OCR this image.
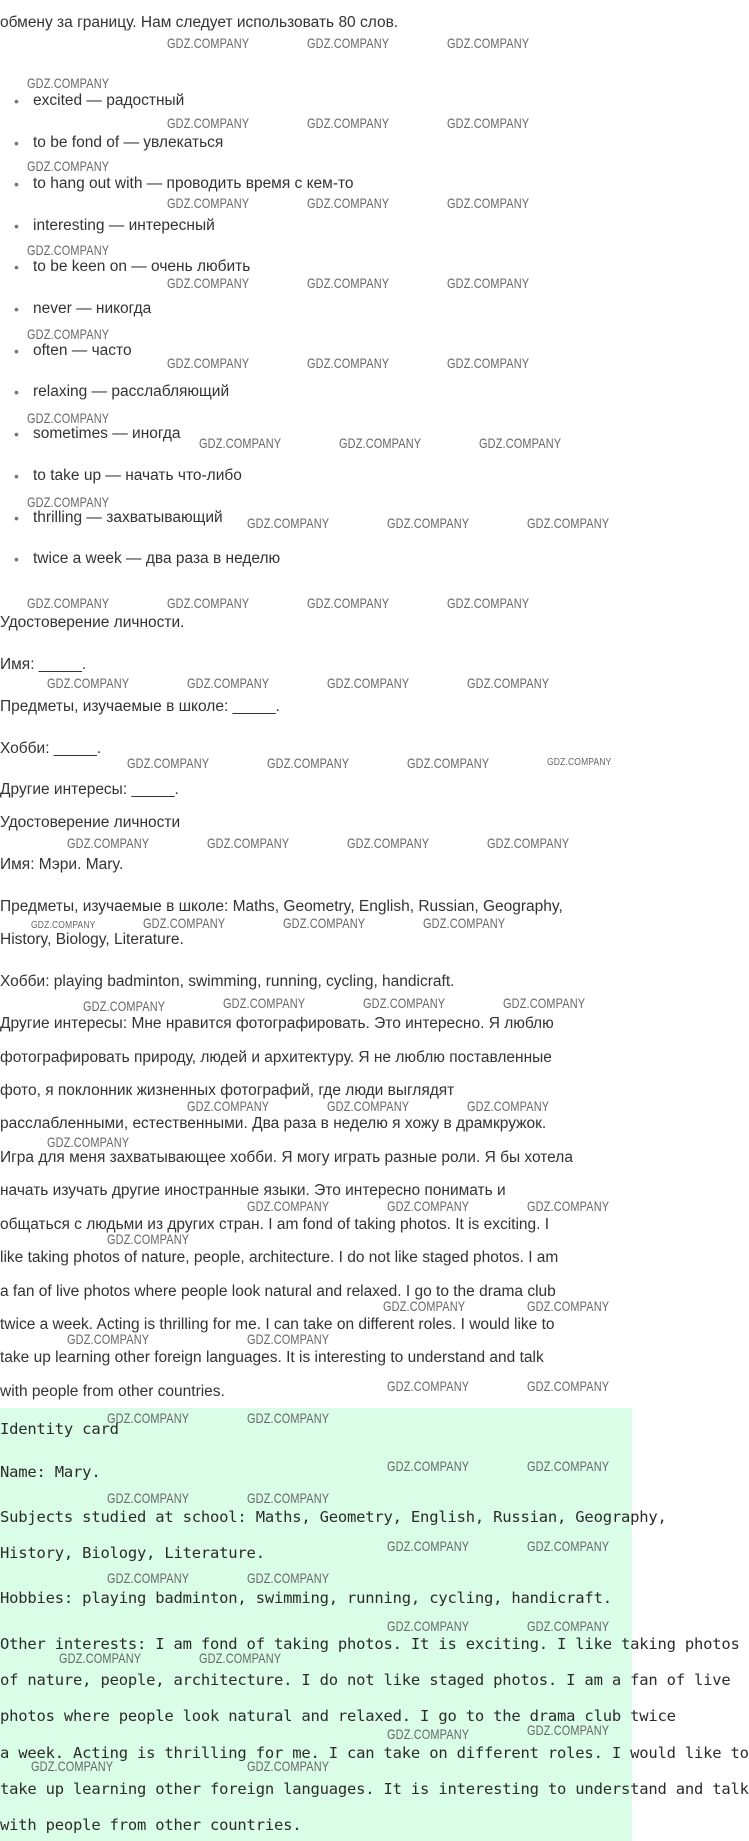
обмену за границу. Нам следует использовать 80 слов.
• excited — радостный
• to be fond of — увлекаться
• to hang out with — проводить время с кем-то
• interesting — интересный
• to be keen on — очень любить
• never — никогда
• often — часто
• relaxing — расслабляющий
• sometimes — иногда
• to take up — начать что-либо
• thrilling — захватывающий
• twice a week — два раза в неделю
Удостоверение личности.
Имя: _____.
Предметы, изучаемые в школе: _____.
Хобби: _____.
Другие интересы: _____.
Удостоверение личности
Имя: Мэри. Mary.
Предметы, изучаемые в школе: Maths, Geometry, English, Russian, Geography,
History, Biology, Literature.
Хобби: playing badminton, swimming, running, cycling, handicraft.
Другие интересы: Мне нравится фотографировать. Это интересно. Я люблю
фотографировать природу, людей и архитектуру. Я не люблю поставленные
фото, я поклонник жизненных фотографий, где люди выглядят
расслабленными, естественными. Два раза в неделю я хожу в драмкружок.
Игра для меня захватывающее хобби. Я могу играть разные роли. Я бы хотела
начать изучать другие иностранные языки. Это интересно понимать и
общаться с людьми из других стран. I am fond of taking photos. It is exciting. I
like taking photos of nature, people, architecture. I do not like staged photos. I am
a fan of live photos where people look natural and relaxed. I go to the drama club
twice a week. Acting is thrilling for me. I can take on different roles. I would like to
take up learning other foreign languages. It is interesting to understand and talk
with people from other countries.
Identity card
Name: Mary.
Subjects studied at school: Maths, Geometry, English, Russian, Geography,
History, Biology, Literature.
Hobbies: playing badminton, swimming, running, cycling, handicraft.
Other interests: I am fond of taking photos. It is exciting. I like taking photos
of nature, people, architecture. I do not like staged photos. I am a fan of live
photos where people look natural and relaxed. I go to the drama club twice
a week. Acting is thrilling for me. I can take on different roles. I would like to
take up learning other foreign languages. It is interesting to understand and talk
with people from other countries.
GDZ.COMPANY	GDZ.COMPANY	GDZ.COMPANY
GDZ.COMPANY
GDZ.COMPANY	GDZ.COMPANY	GDZ.COMPANY
GDZ.COMPANY
GDZ.COMPANY	GDZ.COMPANY	GDZ.COMPANY
GDZ.COMPANY
GDZ.COMPANY	GDZ.COMPANY	GDZ.COMPANY
GDZ.COMPANY
GDZ.COMPANY	GDZ.COMPANY	GDZ.COMPANY
GDZ.COMPANY
GDZ.COMPANY	GDZ.COMPANY	GDZ.COMPANY
GDZ.COMPANY
GDZ.COMPANY	GDZ.COMPANY	GDZ.COMPANY
GDZ.COMPANY	GDZ.COMPANY	GDZ.COMPANY	GDZ.COMPANY
GDZ.COMPANY	GDZ.COMPANY	GDZ.COMPANY	GDZ.COMPANY
GDZ.COMPANY	GDZ.COMPANY	GDZ.COMPANY	GDZ.COMPANY
GDZ.COMPANY	GDZ.COMPANY	GDZ.COMPANY	GDZ.COMPANY
GDZ.COMPANY	GDZ.COMPANY	GDZ.COMPANY	GDZ.COMPANY
GDZ.COMPANY	GDZ.COMPANY	GDZ.COMPANY	GDZ.COMPANY
GDZ.COMPANY	GDZ.COMPANY	GDZ.COMPANY
GDZ.COMPANY
GDZ.COMPANY	GDZ.COMPANY	GDZ.COMPANY
GDZ.COMPANY
GDZ.COMPANY	GDZ.COMPANY
GDZ.COMPANY	GDZ.COMPANY
GDZ.COMPANY	GDZ.COMPANY
GDZ.COMPANY	GDZ.COMPANY
GDZ.COMPANY	GDZ.COMPANY
GDZ.COMPANY	GDZ.COMPANY
GDZ.COMPANY	GDZ.COMPANY
GDZ.COMPANY	GDZ.COMPANY
GDZ.COMPANY	GDZ.COMPANY
GDZ.COMPANY	GDZ.COMPANY
GDZ.COMPANY	GDZ.COMPANY
GDZ.COMPANY	GDZ.COMPANY
